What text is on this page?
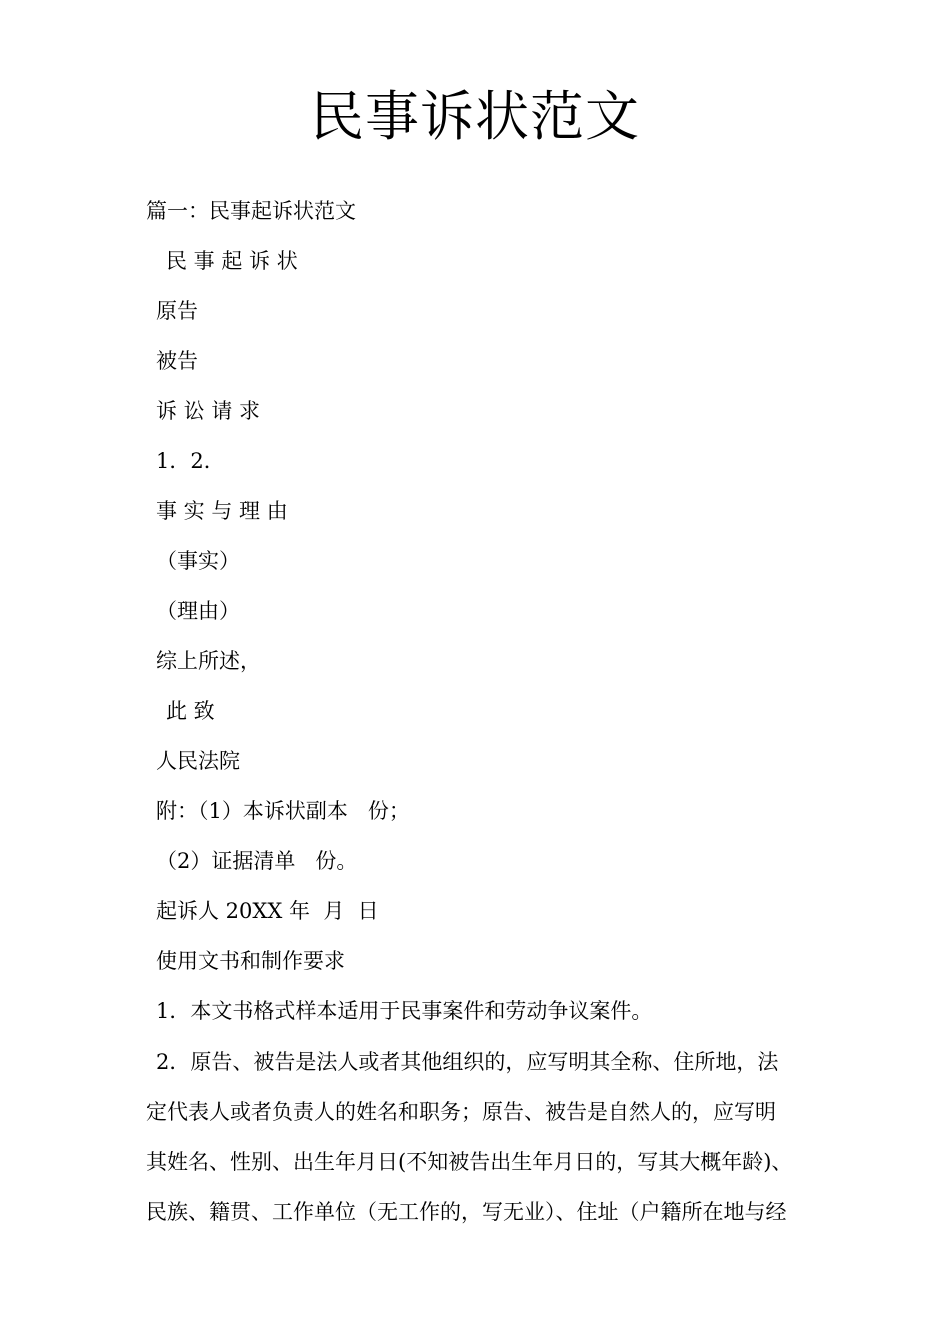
民事诉状范文
篇一：民事起诉状范文
民 事 起 诉 状
原告
被告
诉 讼 请 求
1．2．
事 实 与 理 由
（事实）
（理由）
综上所述，
此 致
人民法院
附：（1）本诉状副本   份；
（2）证据清单   份。
起诉人 20XX 年  月  日
使用文书和制作要求
1．本文书格式样本适用于民事案件和劳动争议案件。
2．原告、被告是法人或者其他组织的，应写明其全称、住所地，法
定代表人或者负责人的姓名和职务；原告、被告是自然人的，应写明
其姓名、性别、出生年月日(不知被告出生年月日的，写其大概年龄)、
民族、籍贯、工作单位（无工作的，写无业）、住址（户籍所在地与经
